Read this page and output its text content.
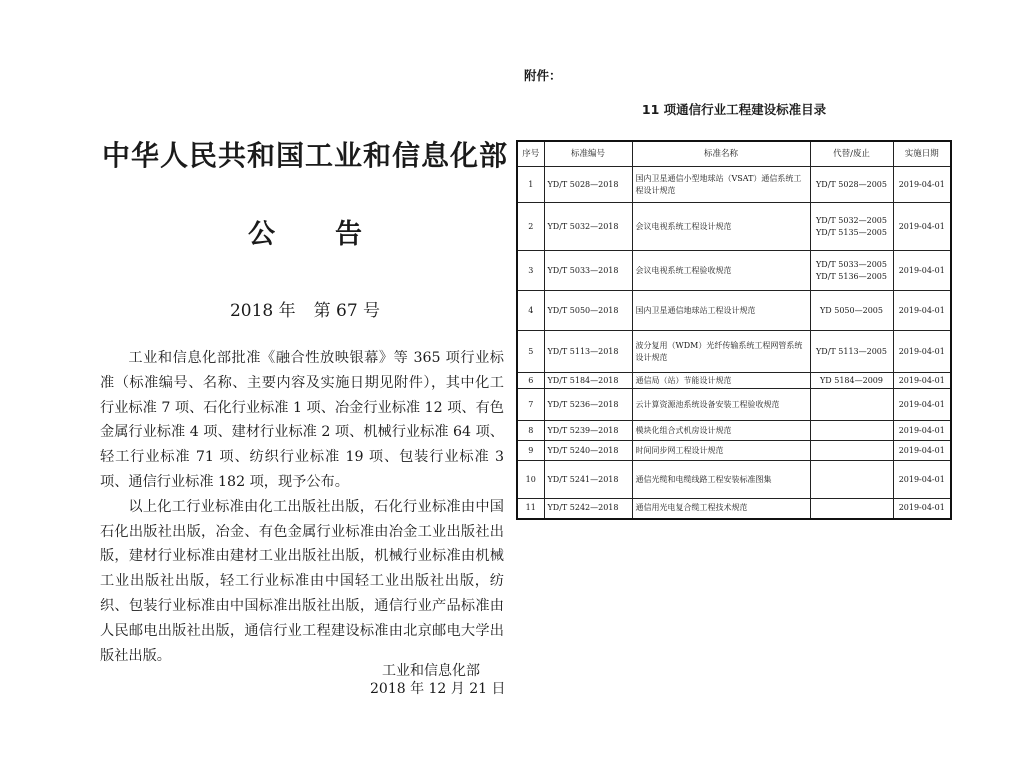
中华人民共和国工业和信息化部
公 告
2018 年 第 67 号

工业和信息化部批准《融合性放映银幕》等 365 项行业标准（标准编号、名称、主要内容及实施日期见附件），其中化工行业标准 7 项、石化行业标准 1 项、冶金行业标准 12 项、有色金属行业标准 4 项、建材行业标准 2 项、机械行业标准 64 项、轻工行业标准 71 项、纺织行业标准 19 项、包装行业标准 3 项、通信行业标准 182 项，现予公布。

以上化工行业标准由化工出版社出版，石化行业标准由中国石化出版社出版，冶金、有色金属行业标准由冶金工业出版社出版，建材行业标准由建材工业出版社出版，机械行业标准由机械工业出版社出版，轻工行业标准由中国轻工业出版社出版，纺织、包装行业标准由中国标准出版社出版，通信行业产品标准由人民邮电出版社出版，通信行业工程建设标准由北京邮电大学出版社出版。

工业和信息化部
2018 年 12 月 21 日
附件：
11 项通信行业工程建设标准目录
序号	标准编号	标准名称	代替/废止	实施日期
1	YD/T 5028—2018	国内卫星通信小型地球站（VSAT）通信系统工程设计规范	YD/T 5028—2005	2019-04-01
2	YD/T 5032—2018	会议电视系统工程设计规范	YD/T 5032—2005
YD/T 5135—2005	2019-04-01
3	YD/T 5033—2018	会议电视系统工程验收规范	YD/T 5033—2005
YD/T 5136—2005	2019-04-01
4	YD/T 5050—2018	国内卫星通信地球站工程设计规范	YD 5050—2005	2019-04-01
5	YD/T 5113—2018	波分复用（WDM）光纤传输系统工程网管系统设计规范	YD/T 5113—2005	2019-04-01
6	YD/T 5184—2018	通信局（站）节能设计规范	YD 5184—2009	2019-04-01
7	YD/T 5236—2018	云计算资源池系统设备安装工程验收规范		2019-04-01
8	YD/T 5239—2018	模块化组合式机房设计规范		2019-04-01
9	YD/T 5240—2018	时间同步网工程设计规范		2019-04-01
10	YD/T 5241—2018	通信光缆和电缆线路工程安装标准图集		2019-04-01
11	YD/T 5242—2018	通信用光电复合缆工程技术规范		2019-04-01
